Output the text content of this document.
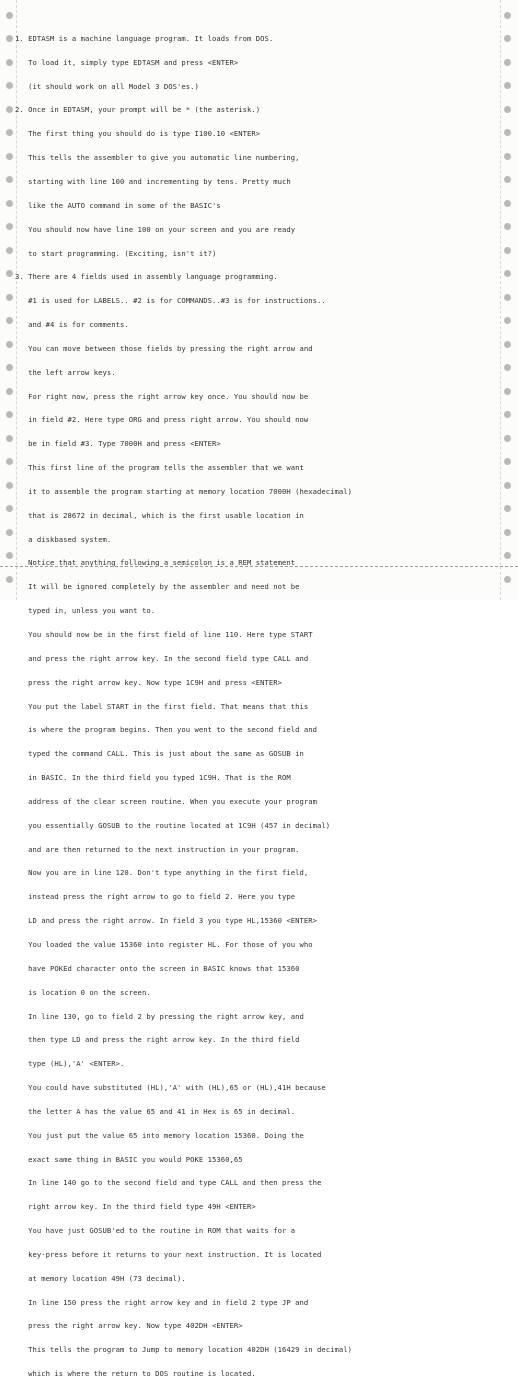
1. EDTASM is a machine language program. It loads from DOS.

To load it, simply type EDTASM and press <ENTER>

(it should work on all Model 3 DOS'es.)

2. Once in EDTASM, your prompt will be * (the asterisk.)

The first thing you should do is type I100.10 <ENTER>

This tells the assembler to give you automatic line numbering,

starting with line 100 and incrementing by tens. Pretty much

like the AUTO command in some of the BASIC's

You should now have line 100 on your screen and you are ready

to start programming. (Exciting, isn't it?)

3. There are 4 fields used in assembly language programming.

#1 is used for LABELS.. #2 is for COMMANDS..#3 is for instructions..

and #4 is for comments.

You can move between those fields by pressing the right arrow and

the left arrow keys.

For right now, press the right arrow key once. You should now be

in field #2. Here type ORG and press right arrow. You should now

be in field #3. Type 7000H and press <ENTER>

This first line of the program tells the assembler that we want

it to assemble the program starting at memory location 7000H (hexadecimal)

that is 28672 in decimal, which is the first usable location in

a diskbased system.

Notice that anything following a semicolon is a REM statement

It will be ignored completely by the assembler and need not be

typed in, unless you want to.

You should now be in the first field of line 110. Here type START

and press the right arrow key. In the second field type CALL and

press the right arrow key. Now type 1C9H and press <ENTER>

You put the label START in the first field. That means that this

is where the program begins. Then you went to the second field and

typed the command CALL. This is just about the same as GOSUB in

in BASIC. In the third field you typed 1C9H. That is the ROM

address of the clear screen routine. When you execute your program

you essentially GOSUB to the routine located at 1C9H (457 in decimal)

and are then returned to the next instruction in your program.

Now you are in line 120. Don't type anything in the first field,

instead press the right arrow to go to field 2. Here you type

LD and press the right arrow. In field 3 you type HL,15360 <ENTER>

You loaded the value 15360 into register HL. For those of you who

have POKEd character onto the screen in BASIC knows that 15360

is location 0 on the screen.

In line 130, go to field 2 by pressing the right arrow key, and

then type LD and press the right arrow key. In the third field

type (HL),'A' <ENTER>.

You could have substituted (HL),'A' with (HL),65 or (HL),41H because

the letter A has the value 65 and 41 in Hex is 65 in decimal.

You just put the value 65 into memory location 15360. Doing the

exact same thing in BASIC you would POKE 15360,65

In line 140 go to the second field and type CALL and then press the

right arrow key. In the third field type 49H <ENTER>

You have just GOSUB'ed to the routine in ROM that waits for a

key-press before it returns to your next instruction. It is located

at memory location 49H (73 decimal).

In line 150 press the right arrow key and in field 2 type JP and

press the right arrow key. Now type 402DH <ENTER>

This tells the program to Jump to memory location 402DH (16429 in decimal)

which is where the return to DOS routine is located.
